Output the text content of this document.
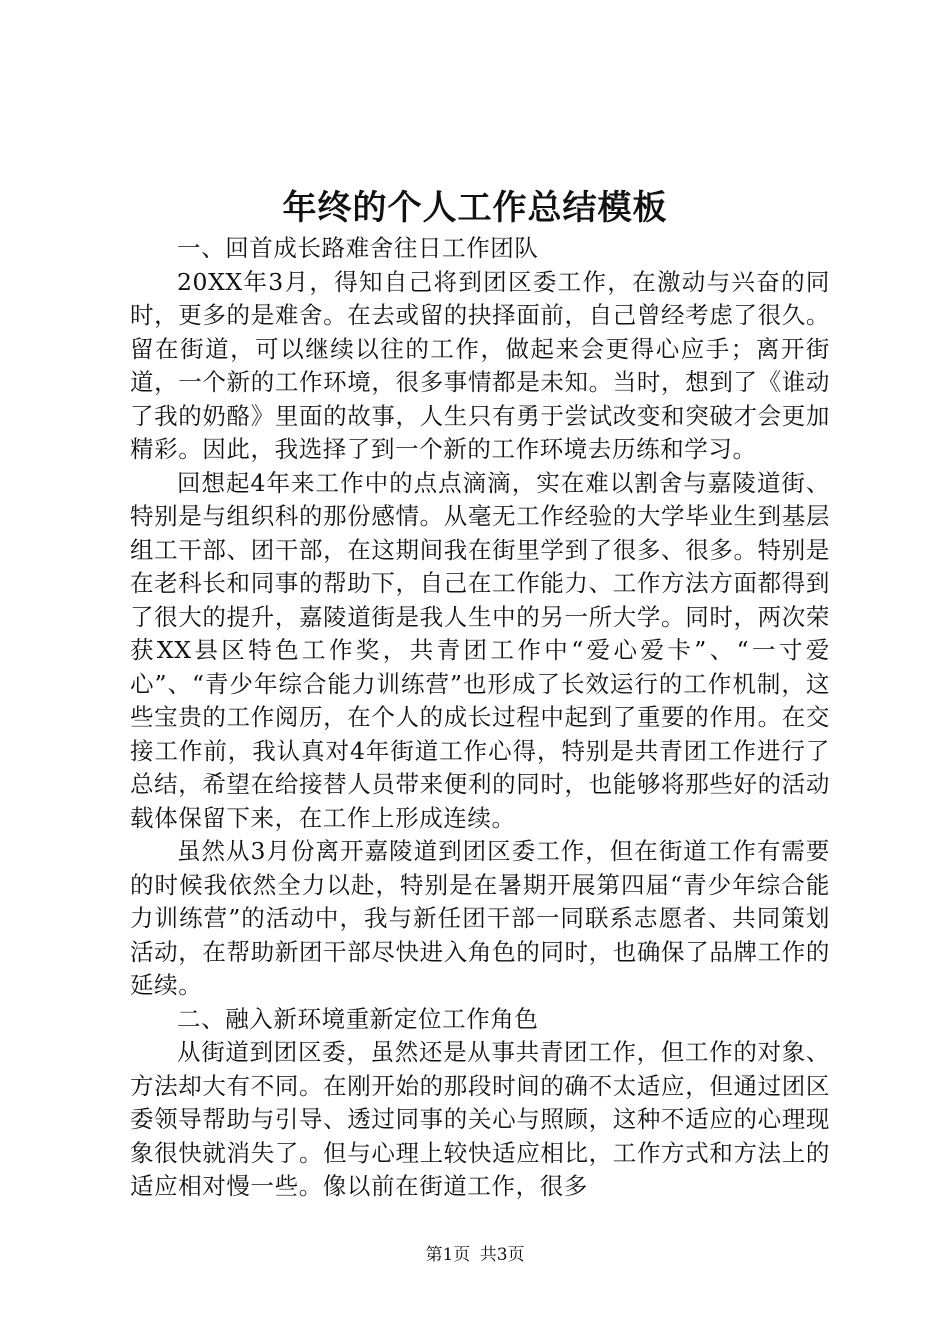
年终的个人工作总结模板

一、回首成长路难舍往日工作团队

20XX年3月，得知自己将到团区委工作，在激动与兴奋的同时，更多的是难舍。在去或留的抉择面前，自己曾经考虑了很久。留在街道，可以继续以往的工作，做起来会更得心应手；离开街道，一个新的工作环境，很多事情都是未知。当时，想到了《谁动了我的奶酪》里面的故事，人生只有勇于尝试改变和突破才会更加精彩。因此，我选择了到一个新的工作环境去历练和学习。

回想起4年来工作中的点点滴滴，实在难以割舍与嘉陵道街、特别是与组织科的那份感情。从毫无工作经验的大学毕业生到基层组工干部、团干部，在这期间我在街里学到了很多、很多。特别是在老科长和同事的帮助下，自己在工作能力、工作方法方面都得到了很大的提升，嘉陵道街是我人生中的另一所大学。同时，两次荣获XX县区特色工作奖，共青团工作中“爱心爱卡”、“一寸爱心”、“青少年综合能力训练营”也形成了长效运行的工作机制，这些宝贵的工作阅历，在个人的成长过程中起到了重要的作用。在交接工作前，我认真对4年街道工作心得，特别是共青团工作进行了总结，希望在给接替人员带来便利的同时，也能够将那些好的活动载体保留下来，在工作上形成连续。

虽然从3月份离开嘉陵道到团区委工作，但在街道工作有需要的时候我依然全力以赴，特别是在暑期开展第四届“青少年综合能力训练营”的活动中，我与新任团干部一同联系志愿者、共同策划活动，在帮助新团干部尽快进入角色的同时，也确保了品牌工作的延续。

二、融入新环境重新定位工作角色

从街道到团区委，虽然还是从事共青团工作，但工作的对象、方法却大有不同。在刚开始的那段时间的确不太适应，但通过团区委领导帮助与引导、透过同事的关心与照顾，这种不适应的心理现象很快就消失了。但与心理上较快适应相比，工作方式和方法上的适应相对慢一些。像以前在街道工作，很多

第1页 共3页
